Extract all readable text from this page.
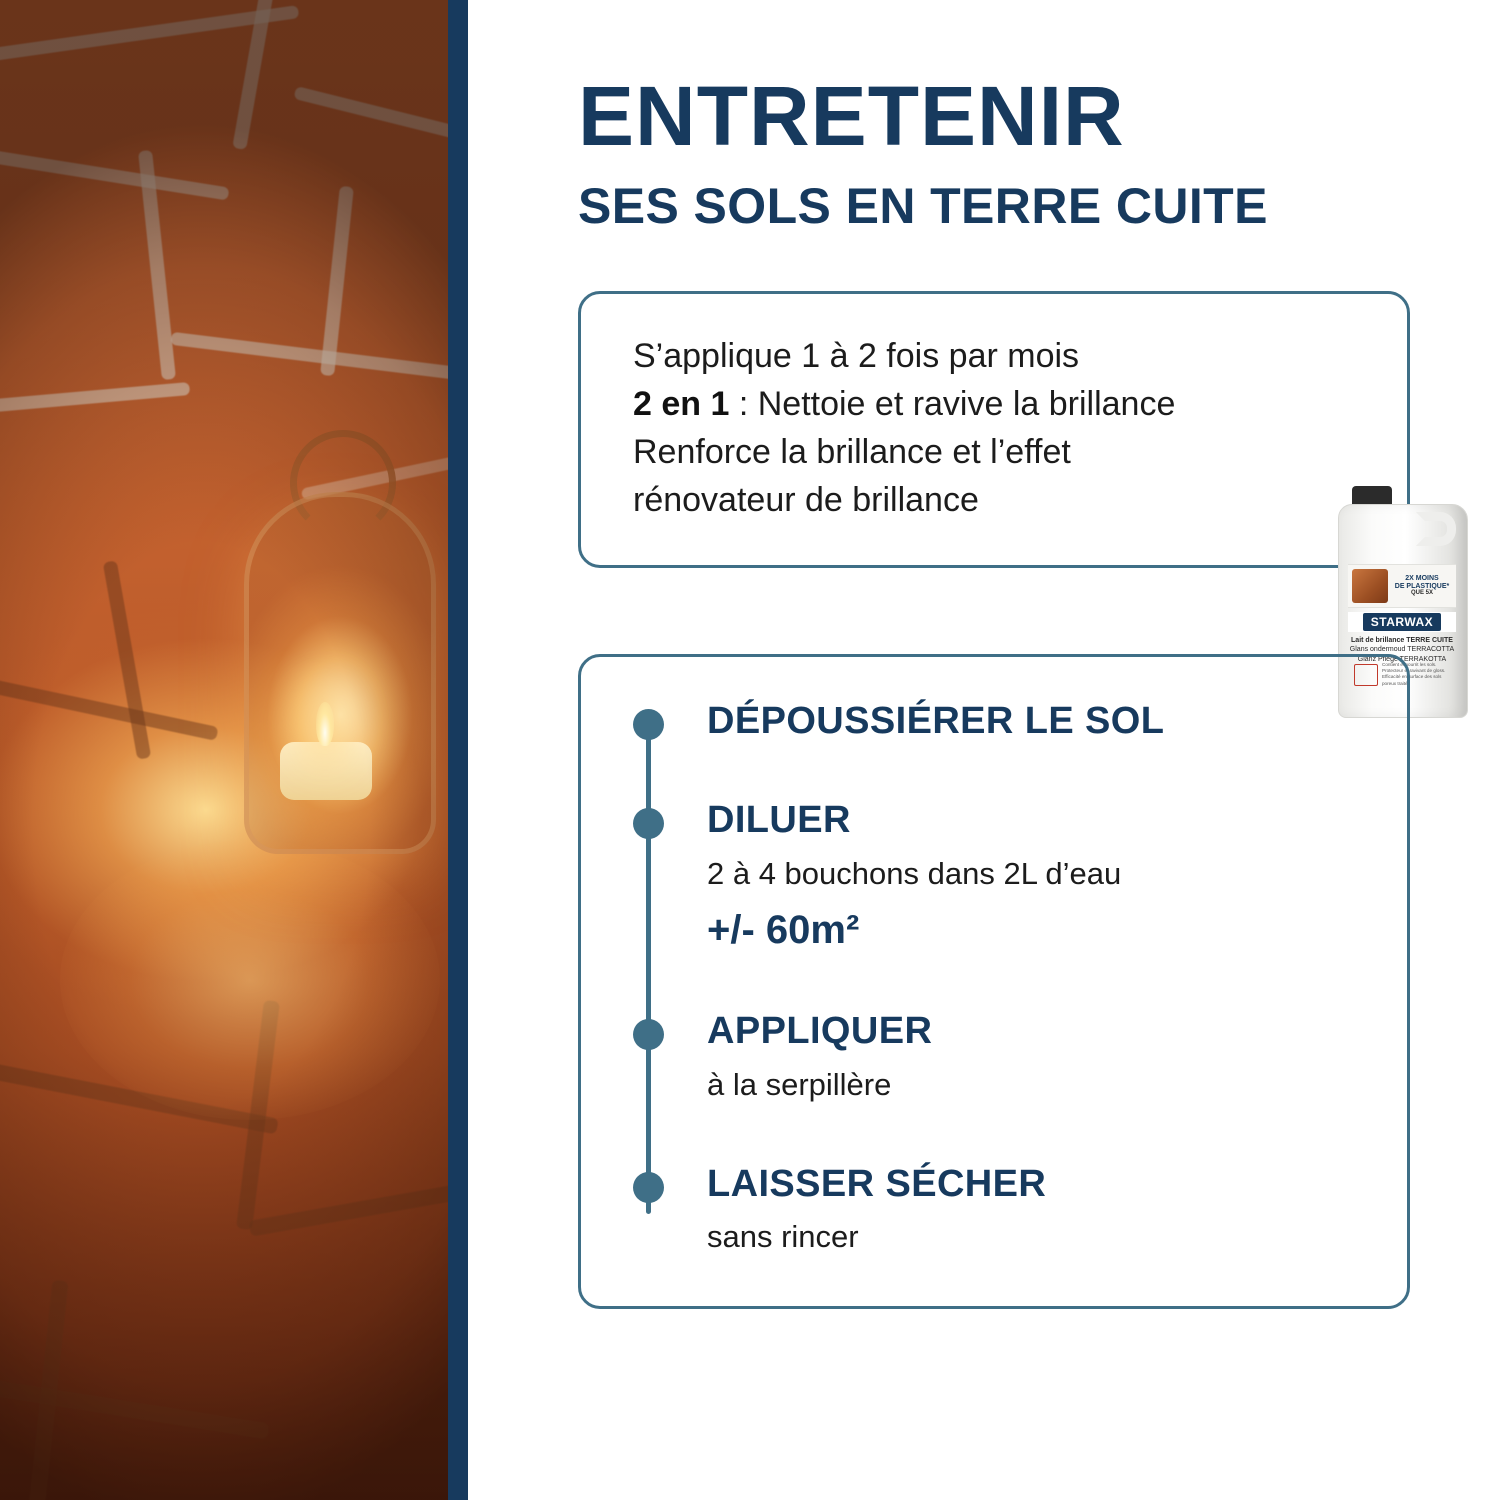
ENTRETENIR
SES SOLS EN TERRE CUITE
S’applique 1 à 2 fois par mois
2 en 1 : Nettoie et ravive la brillance
Renforce la brillance et l’effet
rénovateur de brillance
2X MOINS
DE PLASTIQUE*
QUE 5X
STARWAX
Lait de brillance TERRE CUITE
Glans ondermoud TERRACOTTA
Glanz Pflege TERRAKOTTA
Contient et nourrit les sols. Protecteur et ravivant de gloss. Efficacité en surface des sols poreux traités
DÉPOUSSIÉRER LE SOL
DILUER
2 à 4 bouchons dans 2L d’eau
+/- 60m²
APPLIQUER
à la serpillère
LAISSER SÉCHER
sans rincer
